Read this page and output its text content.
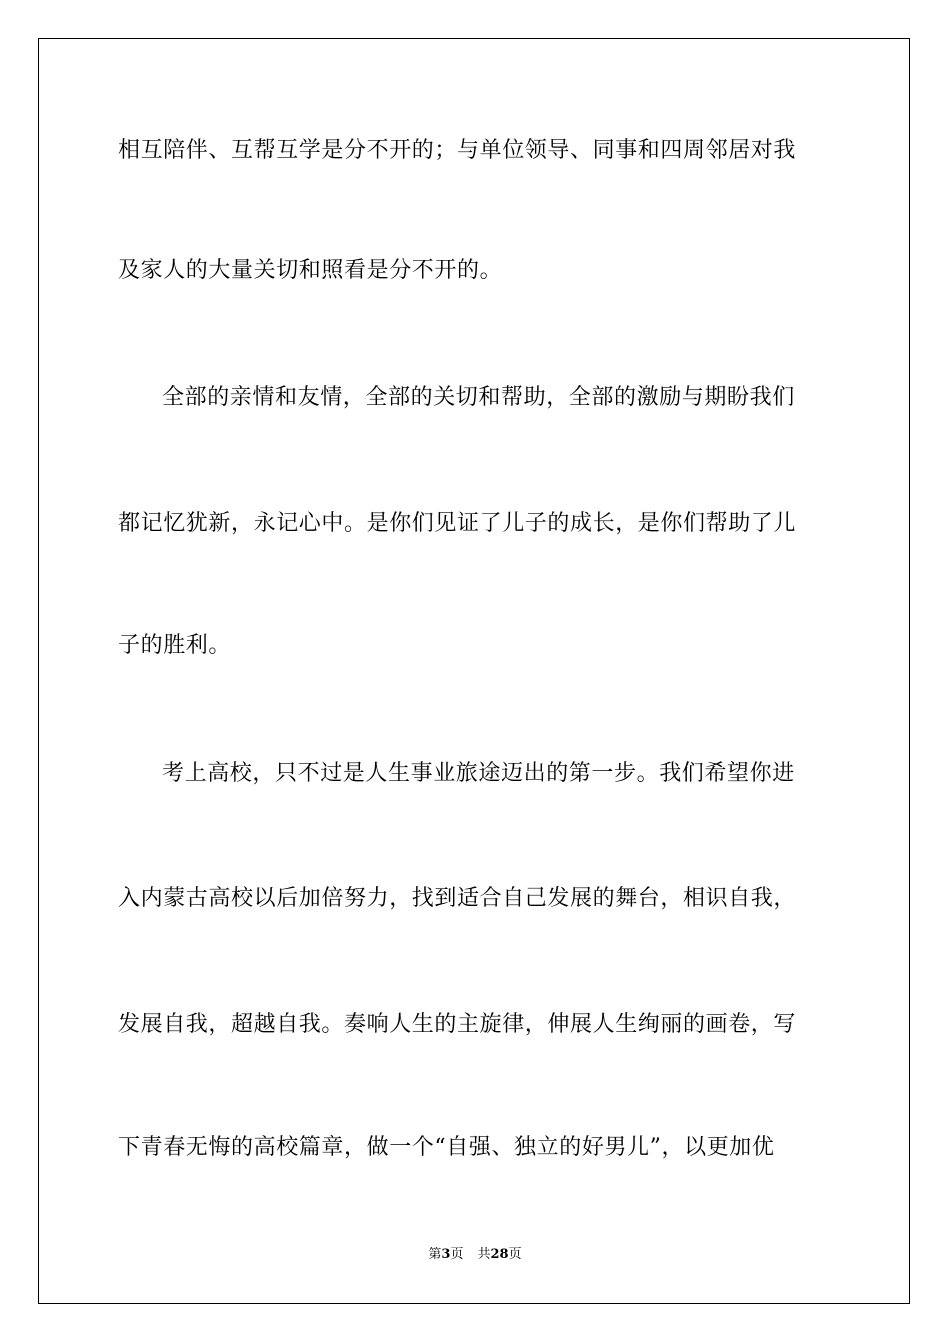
相互陪伴、互帮互学是分不开的；与单位领导、同事和四周邻居对我
及家人的大量关切和照看是分不开的。
全部的亲情和友情，全部的关切和帮助，全部的激励与期盼我们
都记忆犹新，永记心中。是你们见证了儿子的成长，是你们帮助了儿
子的胜利。
考上高校，只不过是人生事业旅途迈出的第一步。我们希望你进
入内蒙古高校以后加倍努力，找到适合自己发展的舞台，相识自我，
发展自我，超越自我。奏响人生的主旋律，伸展人生绚丽的画卷，写
下青春无悔的高校篇章，做一个“自强、独立的好男儿”，以更加优
第3页 共28页
